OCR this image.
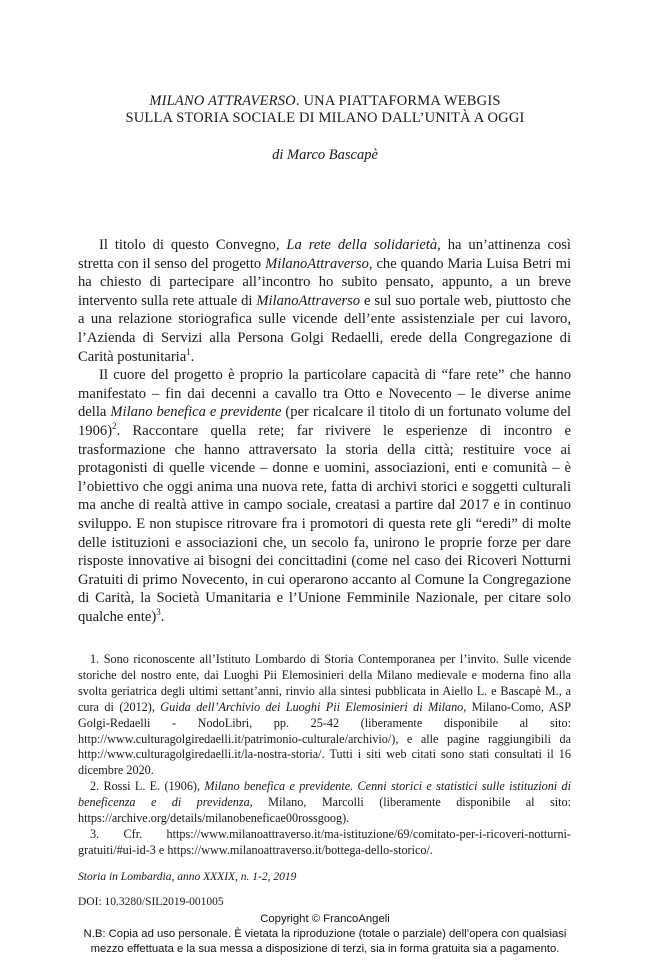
MILANO ATTRAVERSO. UNA PIATTAFORMA WEBGIS
SULLA STORIA SOCIALE DI MILANO DALL’UNITÀ A OGGI
di Marco Bascapè

Il titolo di questo Convegno, La rete della solidarietà, ha un’attinenza così stretta con il senso del progetto MilanoAttraverso, che quando Maria Luisa Betri mi ha chiesto di partecipare all’incontro ho subito pensato, appunto, a un breve intervento sulla rete attuale di MilanoAttraverso e sul suo portale web, piuttosto che a una relazione storiografica sulle vicende dell’ente assistenziale per cui lavoro, l’Azienda di Servizi alla Persona Golgi Redaelli, erede della Congregazione di Carità postunitaria$^1$.

Il cuore del progetto è proprio la particolare capacità di “fare rete” che hanno manifestato – fin dai decenni a cavallo tra Otto e Novecento – le diverse anime della Milano benefica e previdente (per ricalcare il titolo di un fortunato volume del 1906)$^2$. Raccontare quella rete; far rivivere le esperienze di incontro e trasformazione che hanno attraversato la storia della città; restituire voce ai protagonisti di quelle vicende – donne e uomini, associazioni, enti e comunità – è l’obiettivo che oggi anima una nuova rete, fatta di archivi storici e soggetti culturali ma anche di realtà attive in campo sociale, creatasi a partire dal 2017 e in continuo sviluppo. E non stupisce ritrovare fra i promotori di questa rete gli “eredi” di molte delle istituzioni e associazioni che, un secolo fa, unirono le proprie forze per dare risposte innovative ai bisogni dei concittadini (come nel caso dei Ricoveri Notturni Gratuiti di primo Novecento, in cui operarono accanto al Comune la Congregazione di Carità, la Società Umanitaria e l’Unione Femminile Nazionale, per citare solo qualche ente)$^3$.

1. Sono riconoscente all’Istituto Lombardo di Storia Contemporanea per l’invito. Sulle vicende storiche del nostro ente, dai Luoghi Pii Elemosinieri della Milano medievale e moderna fino alla svolta geriatrica degli ultimi settant’anni, rinvio alla sintesi pubblicata in Aiello L. e Bascapè M., a cura di (2012), Guida dell’Archivio dei Luoghi Pii Elemosinieri di Milano, Milano-Como, ASP Golgi-Redaelli - NodoLibri, pp. 25-42 (liberamente disponibile al sito: http://www.culturagolgiredaelli.it/patrimonio-culturale/archivio/), e alle pagine raggiungibili da http://www.culturagolgiredaelli.it/la-nostra-storia/. Tutti i siti web citati sono stati consultati il 16 dicembre 2020.

2. Rossi L. E. (1906), Milano benefica e previdente. Cenni storici e statistici sulle istituzioni di beneficenza e di previdenza, Milano, Marcolli (liberamente disponibile al sito: https://archive.org/details/milanobeneficae00rossgoog).

3. Cfr. https://www.milanoattraverso.it/ma-istituzione/69/comitato-per-i-ricoveri-notturni-gratuiti/#ui-id-3 e https://www.milanoattraverso.it/bottega-dello-storico/.

Storia in Lombardia, anno XXXIX, n. 1-2, 2019
DOI: 10.3280/SIL2019-001005
Copyright © FrancoAngeli
N.B: Copia ad uso personale. È vietata la riproduzione (totale o parziale) dell’opera con qualsiasi
mezzo effettuata e la sua messa a disposizione di terzi, sia in forma gratuita sia a pagamento.
